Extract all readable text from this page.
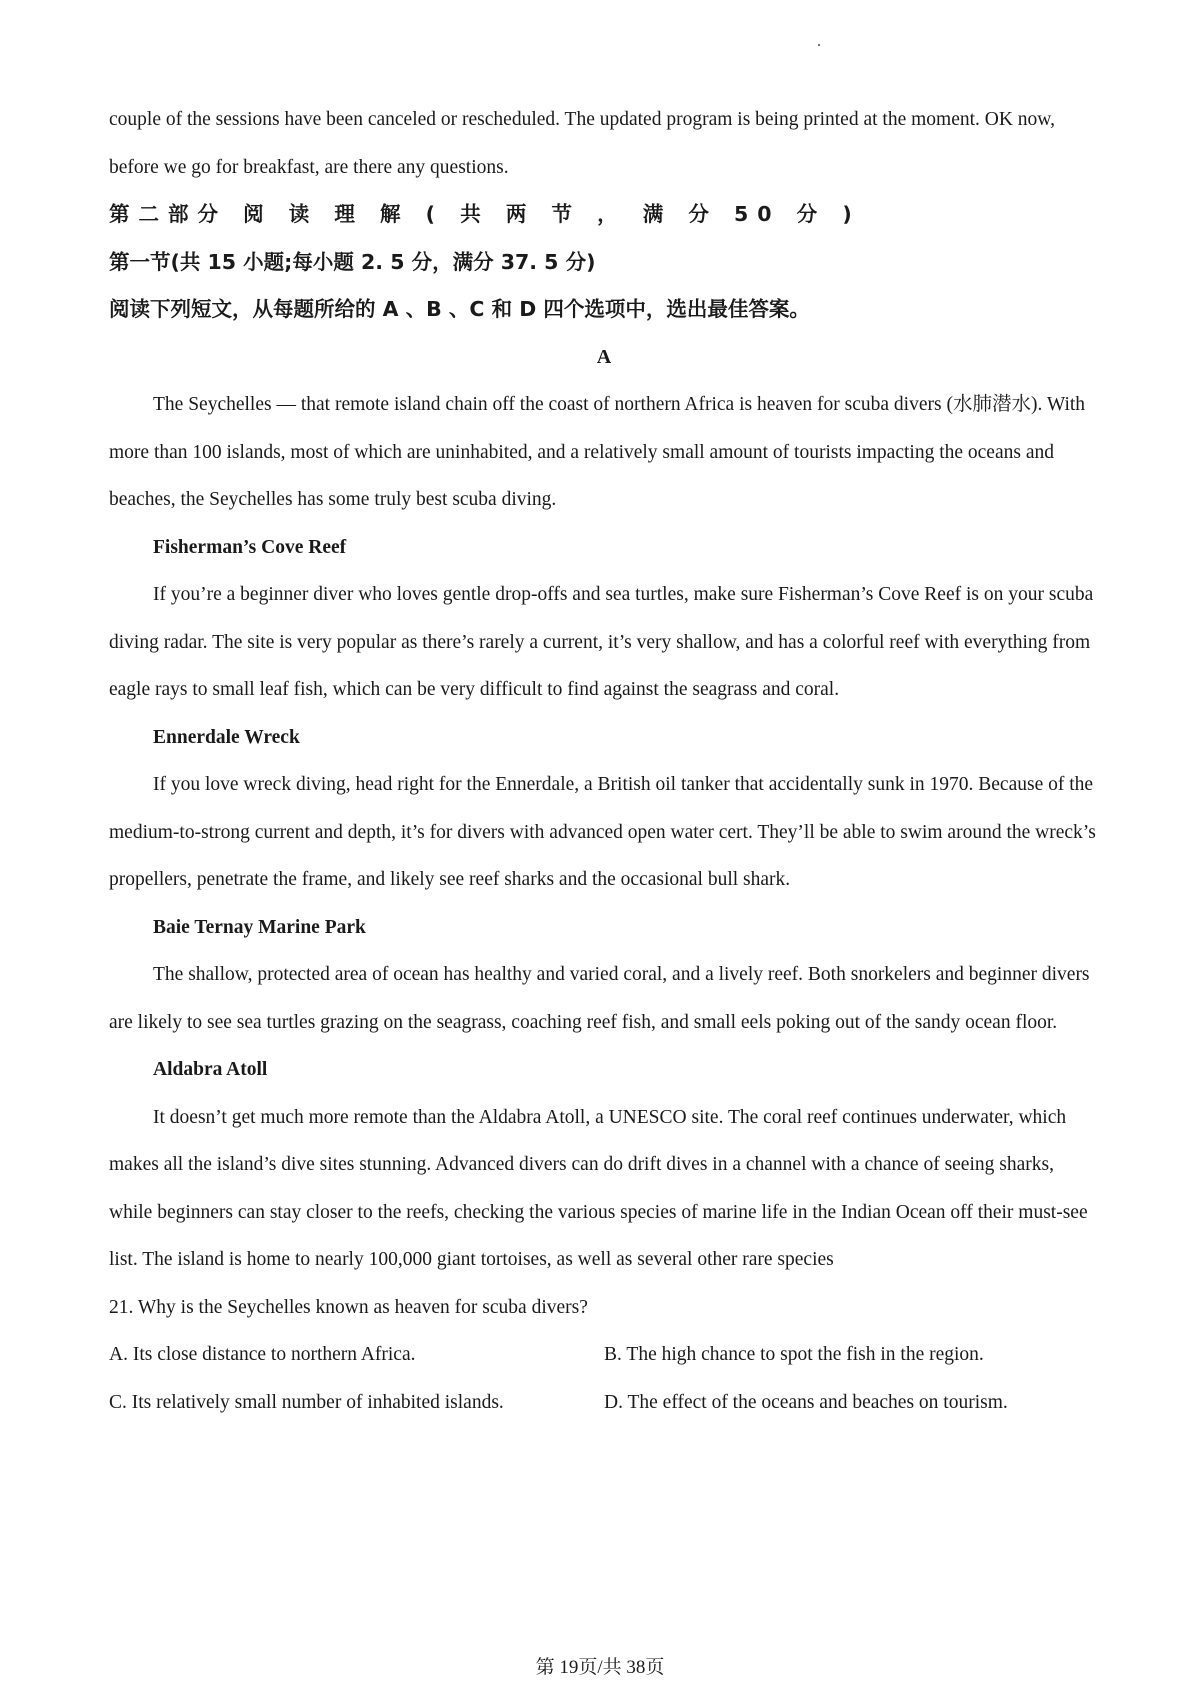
couple of the sessions have been canceled or rescheduled. The updated program is being printed at the moment. OK now, before we go for breakfast, are there any questions.

第二部分 阅 读 理 解 ( 共 两 节 ， 满 分 50 分 )

第一节(共 15 小题;每小题 2. 5 分，满分 37. 5 分)

阅读下列短文，从每题所给的 A 、B 、C 和 D 四个选项中，选出最佳答案。

A

The Seychelles — that remote island chain off the coast of northern Africa is heaven for scuba divers (水肺潜水). With more than 100 islands, most of which are uninhabited, and a relatively small amount of tourists impacting the oceans and beaches, the Seychelles has some truly best scuba diving.

Fisherman’s Cove Reef

If you’re a beginner diver who loves gentle drop-offs and sea turtles, make sure Fisherman’s Cove Reef is on your scuba diving radar. The site is very popular as there’s rarely a current, it’s very shallow, and has a colorful reef with everything from eagle rays to small leaf fish, which can be very difficult to find against the seagrass and coral.

Ennerdale Wreck

If you love wreck diving, head right for the Ennerdale, a British oil tanker that accidentally sunk in 1970. Because of the medium-to-strong current and depth, it’s for divers with advanced open water cert. They’ll be able to swim around the wreck’s propellers, penetrate the frame, and likely see reef sharks and the occasional bull shark.

Baie Ternay Marine Park

The shallow, protected area of ocean has healthy and varied coral, and a lively reef. Both snorkelers and beginner divers are likely to see sea turtles grazing on the seagrass, coaching reef fish, and small eels poking out of the sandy ocean floor.

Aldabra Atoll

It doesn’t get much more remote than the Aldabra Atoll, a UNESCO site. The coral reef continues underwater, which makes all the island’s dive sites stunning. Advanced divers can do drift dives in a channel with a chance of seeing sharks, while beginners can stay closer to the reefs, checking the various species of marine life in the Indian Ocean off their must-see list. The island is home to nearly 100,000 giant tortoises, as well as several other rare species

21. Why is the Seychelles known as heaven for scuba divers?

A. Its close distance to northern Africa.	B. The high chance to spot the fish in the region.
C. Its relatively small number of inhabited islands.	D. The effect of the oceans and beaches on tourism.
第 19页/共 38页
